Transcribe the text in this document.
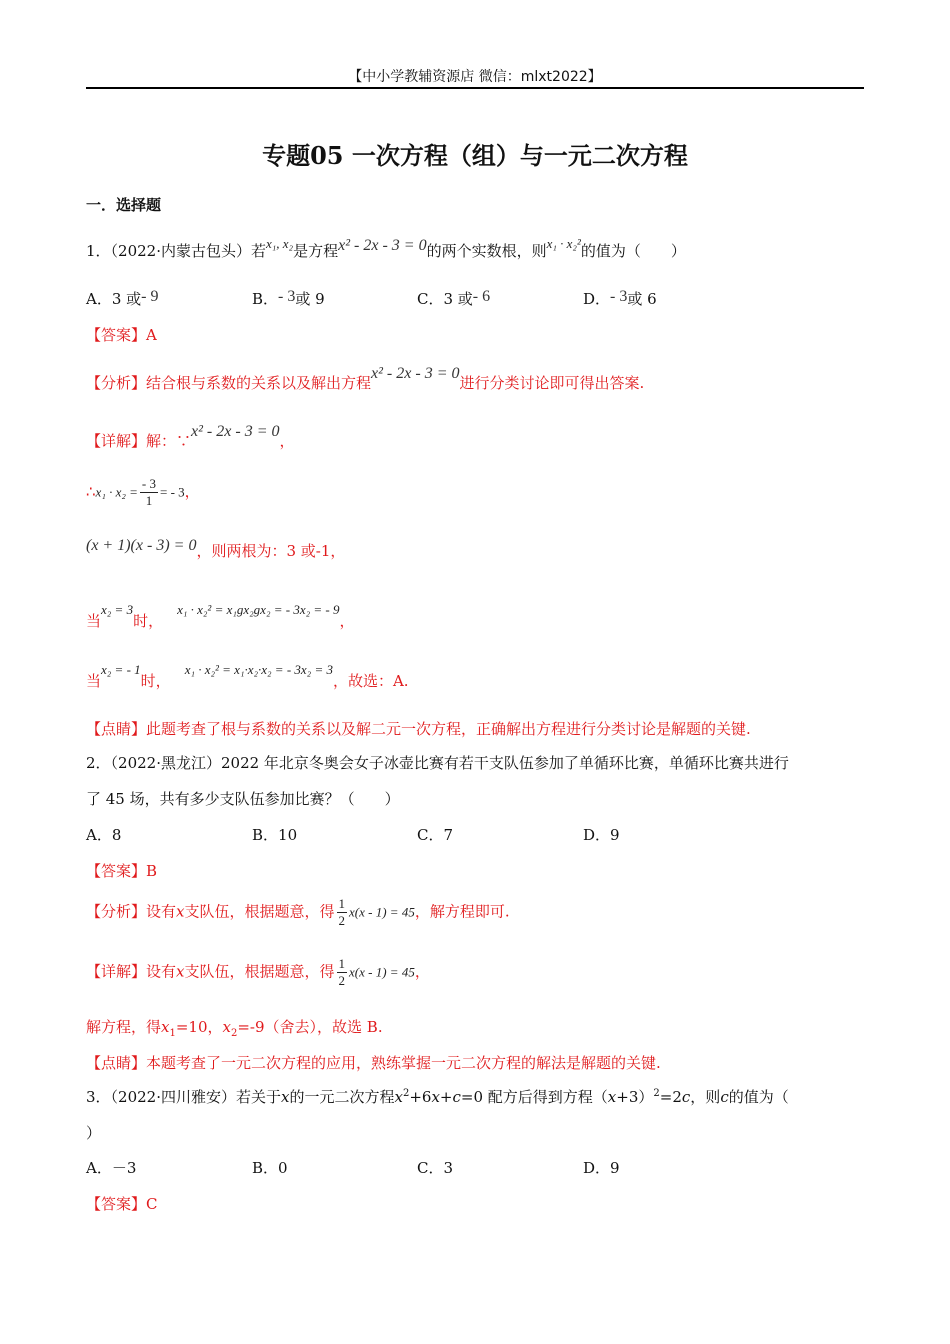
【中小学教辅资源店 微信：mlxt2022】
专题05 一次方程（组）与一元二次方程
一．选择题
1．（2022·内蒙古包头）若x₁, x₂是方程x² - 2x - 3 = 0的两个实数根，则x₁ · x₂²的值为（　　）
A．3 或- 9	B．- 3或 9	C．3 或- 6	D．- 3或 6
【答案】A
【分析】结合根与系数的关系以及解出方程x² - 2x - 3 = 0进行分类讨论即可得出答案.
【详解】解：∵x² - 2x - 3 = 0，
∴x₁ · $x_2 = \frac{- 3}{1}$ = - 3，
(x + 1)(x - 3) = 0，则两根为：3 或-1，
当x₂ = 3时，x₁ · x₂² = x₁gx₂gx₂ = - 3x₂ = - 9，
当x₂ = - 1时，x₁ · x₂² = x₁·x₂·x₂ = - 3x₂ = 3，故选：A.
【点睛】此题考查了根与系数的关系以及解二元一次方程，正确解出方程进行分类讨论是解题的关键.
2．（2022·黑龙江）2022 年北京冬奥会女子冰壶比赛有若干支队伍参加了单循环比赛，单循环比赛共进行
了 45 场，共有多少支队伍参加比赛？（　　）
A．8	B．10	C．7	D．9
【答案】B
【分析】设有x支队伍，根据题意，得 $\frac{1}{2} x(x - 1) = 45$，解方程即可.
【详解】设有x支队伍，根据题意，得 $\frac{1}{2} x(x - 1) = 45$，
解方程，得$x_1=10$，$x_2=-9$（舍去），故选 B.
【点睛】本题考查了一元二次方程的应用，熟练掌握一元二次方程的解法是解题的关键.
3．（2022·四川雅安）若关于x的一元二次方程$x^2+6x+c=0$ 配方后得到方程$(x+3)^2=2c$，则c的值为（
）
A．－3	B．0	C．3	D．9
【答案】C
